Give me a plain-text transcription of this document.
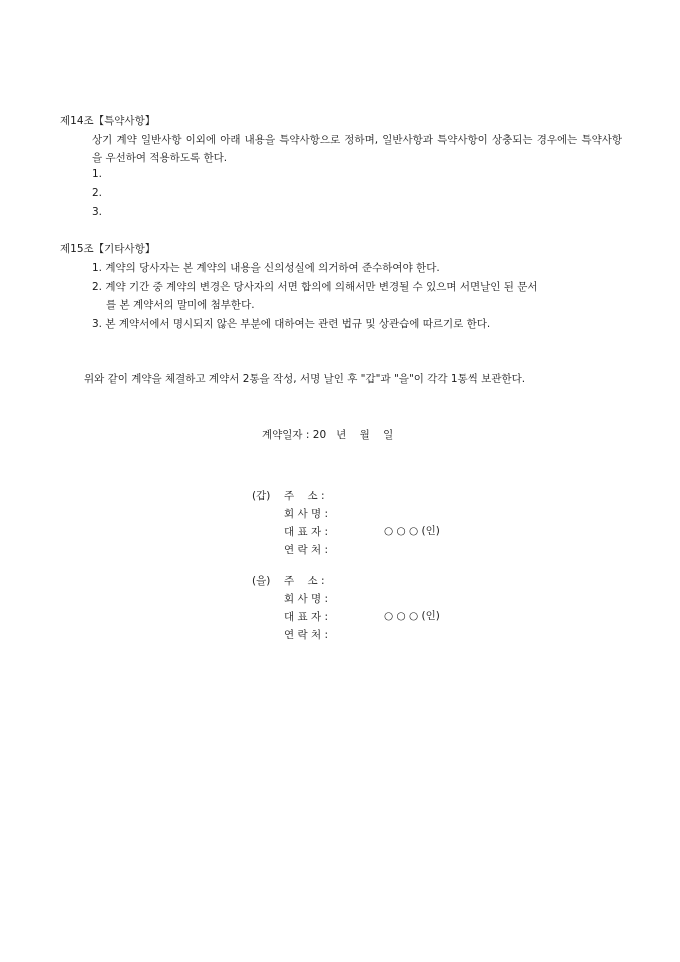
제14조【특약사항】
상기 계약 일반사항 이외에 아래 내용을 특약사항으로 정하며, 일반사항과 특약사항이 상충되는 경우에는 특약사항을 우선하여 적용하도록 한다.
1.
2.
3.
제15조【기타사항】
1. 계약의 당사자는 본 계약의 내용을 신의성실에 의거하여 준수하여야 한다.
2. 계약 기간 중 계약의 변경은 당사자의 서면 합의에 의해서만 변경될 수 있으며 서면날인 된 문서
를 본 계약서의 말미에 첨부한다.
3. 본 계약서에서 명시되지 않은 부분에 대하여는 관련 법규 및 상관습에 따르기로 한다.
위와 같이 계약을 체결하고 계약서 2통을 작성, 서명 날인 후 "갑"과 "을"이 각각 1통씩 보관한다.
계약일자 : 20   년    월    일
(갑) 주    소 :
회 사 명 :
대 표 자 :	○ ○ ○ (인)
연 락 처 :
(을) 주    소 :
회 사 명 :
대 표 자 :	○ ○ ○ (인)
연 락 처 :
